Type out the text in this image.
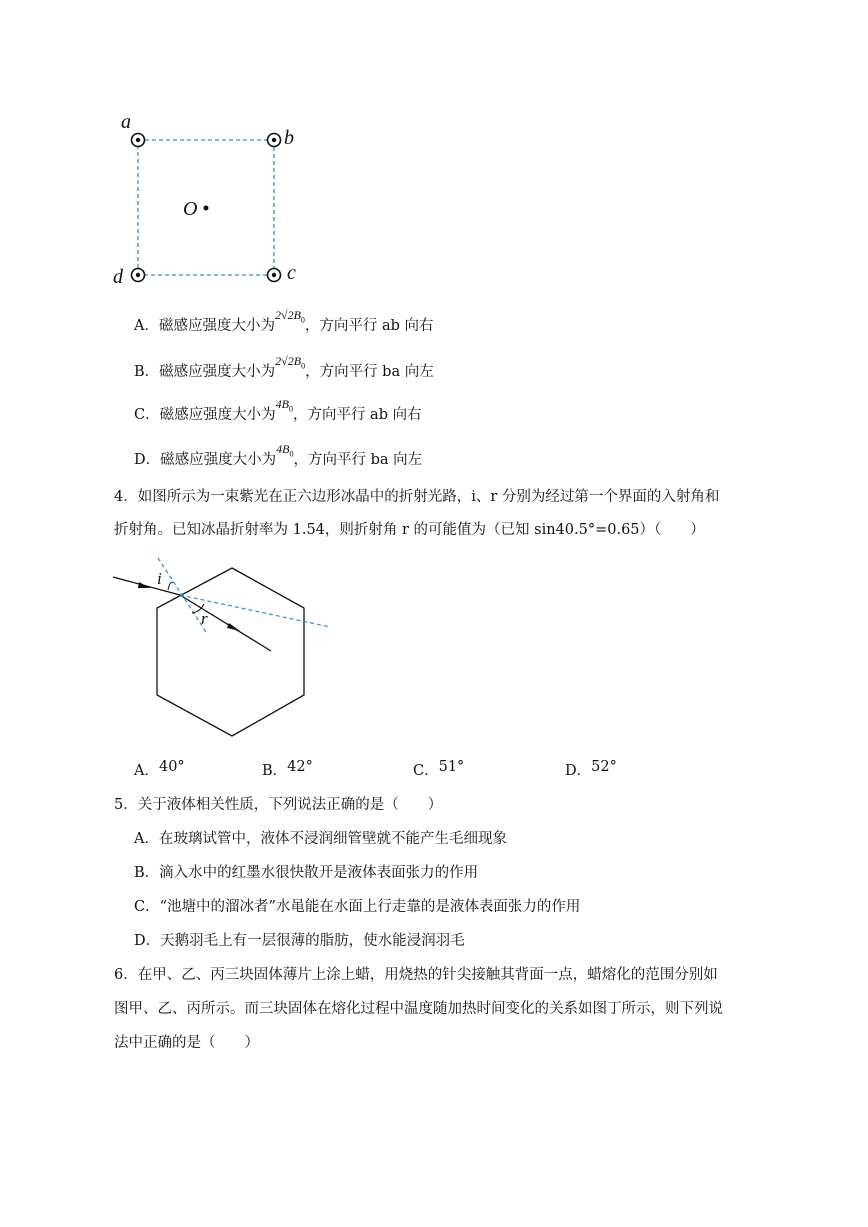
a
b
c
d
O
A． 磁感应强度大小为
$2√2B_0$ ，方向平行 ab 向右
B． 磁感应强度大小为
$2√2B_0$ ，方向平行 ba 向左
C． 磁感应强度大小为
$4B_0$ ，方向平行 ab 向右
D． 磁感应强度大小为
$4B_0$ ，方向平行 ba 向左
4．如图所示为一束紫光在正六边形冰晶中的折射光路，i、r 分别为经过第一个界面的入射角和
折射角。已知冰晶折射率为 1.54，则折射角 r 的可能值为（已知 sin40.5°=0.65）（　　）
i
r
A． 40°	B． 42°	C． 51°	D． 52°
5．关于液体相关性质，下列说法正确的是（　　）
A．在玻璃试管中，液体不浸润细管壁就不能产生毛细现象
B．滴入水中的红墨水很快散开是液体表面张力的作用
C．“池塘中的溜冰者”水黾能在水面上行走靠的是液体表面张力的作用
D．天鹅羽毛上有一层很薄的脂肪，使水能浸润羽毛
6．在甲、乙、丙三块固体薄片上涂上蜡，用烧热的针尖接触其背面一点，蜡熔化的范围分别如
图甲、乙、丙所示。而三块固体在熔化过程中温度随加热时间变化的关系如图丁所示，则下列说
法中正确的是（　　）
